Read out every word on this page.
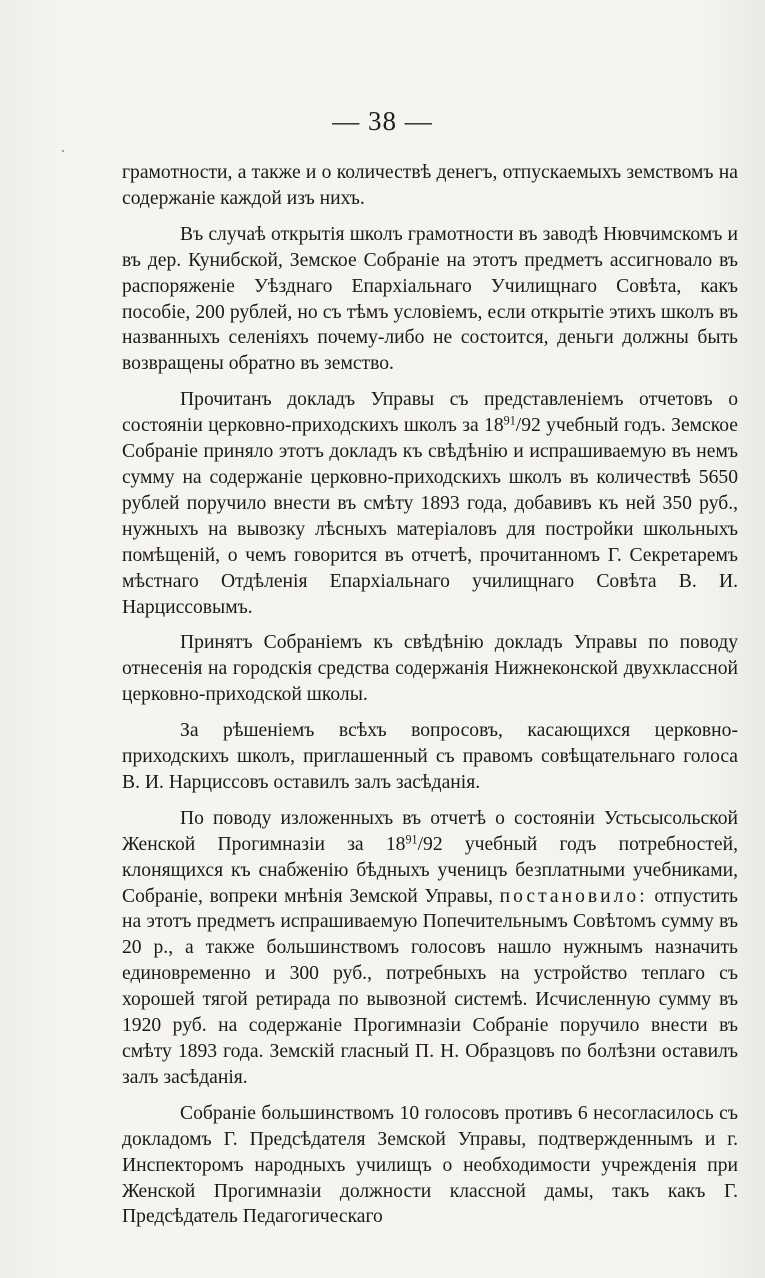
— 38 —

грамотности, а также и о количествѣ денегъ, отпускаемыхъ земствомъ на содержаніе каждой изъ нихъ.

Въ случаѣ открытія школъ грамотности въ заводѣ Нювчимскомъ и въ дер. Кунибской, Земское Собраніе на этотъ предметъ ассигновало въ распоряженіе Уѣзднаго Епархіальнаго Училищнаго Совѣта, какъ пособіе, 200 рублей, но съ тѣмъ условіемъ, если открытіе этихъ школъ въ названныхъ селеніяхъ почему-либо не состоится, деньги должны быть возвращены обратно въ земство.

Прочитанъ докладъ Управы съ представленіемъ отчетовъ о состояніи церковно-приходскихъ школъ за $18^{91}/92$ учебный годъ. Земское Собраніе приняло этотъ докладъ къ свѣдѣнію и испрашиваемую въ немъ сумму на содержаніе церковно-приходскихъ школъ въ количествѣ 5650 рублей поручило внести въ смѣту 1893 года, добавивъ къ ней 350 руб., нужныхъ на вывозку лѣсныхъ матеріаловъ для постройки школьныхъ помѣщеній, о чемъ говорится въ отчетѣ, прочитанномъ Г. Секретаремъ мѣстнаго Отдѣленія Епархіальнаго училищнаго Совѣта В. И. Нарциссовымъ.

Принятъ Собраніемъ къ свѣдѣнію докладъ Управы по поводу отнесенія на городскія средства содержанія Нижнеконской двухклассной церковно-приходской школы.

За рѣшеніемъ всѣхъ вопросовъ, касающихся церковно-приходскихъ школъ, приглашенный съ правомъ совѣщательнаго голоса В. И. Нарциссовъ оставилъ залъ засѣданія.

По поводу изложенныхъ въ отчетѣ о состояніи Устьсысольской Женской Прогимназіи за $18^{91}/92$ учебный годъ потребностей, клонящихся къ снабженію бѣдныхъ ученицъ безплатными учебниками, Собраніе, вопреки мнѣнія Земской Управы, постановило: отпустить на этотъ предметъ испрашиваемую Попечительнымъ Совѣтомъ сумму въ 20 р., а также большинствомъ голосовъ нашло нужнымъ назначить единовременно и 300 руб., потребныхъ на устройство теплаго съ хорошей тягой ретирада по вывозной системѣ. Исчисленную сумму въ 1920 руб. на содержаніе Прогимназіи Собраніе поручило внести въ смѣту 1893 года. Земскій гласный П. Н. Образцовъ по болѣзни оставилъ залъ засѣданія.

Собраніе большинствомъ 10 голосовъ противъ 6 несогласилось съ докладомъ Г. Предсѣдателя Земской Управы, подтвержденнымъ и г. Инспекторомъ народныхъ училищъ о необходимости учрежденія при Женской Прогимназіи должности классной дамы, такъ какъ Г. Предсѣдатель Педагогическаго
